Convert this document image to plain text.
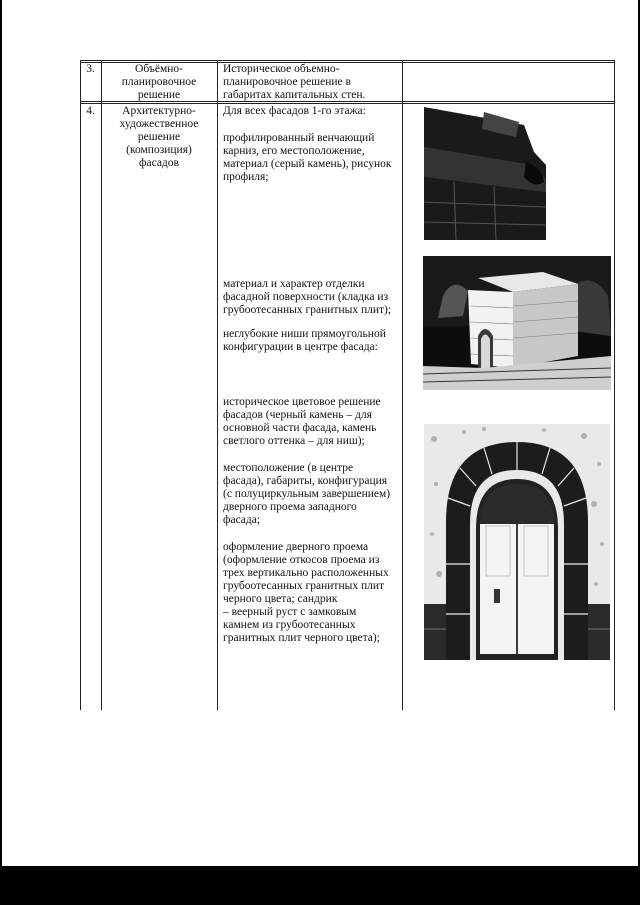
3.	Объёмно-
планировочное
решение

Историческое объемно-
планировочное решение в
габаритах капитальных стен.

4.	Архитектурно-
художественное
решение
(композиция)
фасадов

Для всех фасадов 1-го этажа:

профилированный венчающий
карниз, его местоположение,
материал (серый камень), рисунок
профиля;

материал и характер отделки
фасадной поверхности (кладка из
грубоотесанных гранитных плит);

неглубокие ниши прямоугольной
конфигурации в центре фасада:

историческое цветовое решение
фасадов (черный камень – для
основной части фасада, камень
светлого оттенка – для ниш);

местоположение (в центре
фасада), габариты, конфигурация
(с полуциркульным завершением)
дверного проема западного
фасада;

оформление дверного проема
(оформление откосов проема из
трех вертикально расположенных
грубоотесанных гранитных плит
черного цвета; сандрик
– веерный руст с замковым
камнем из грубоотесанных
гранитных плит черного цвета);
